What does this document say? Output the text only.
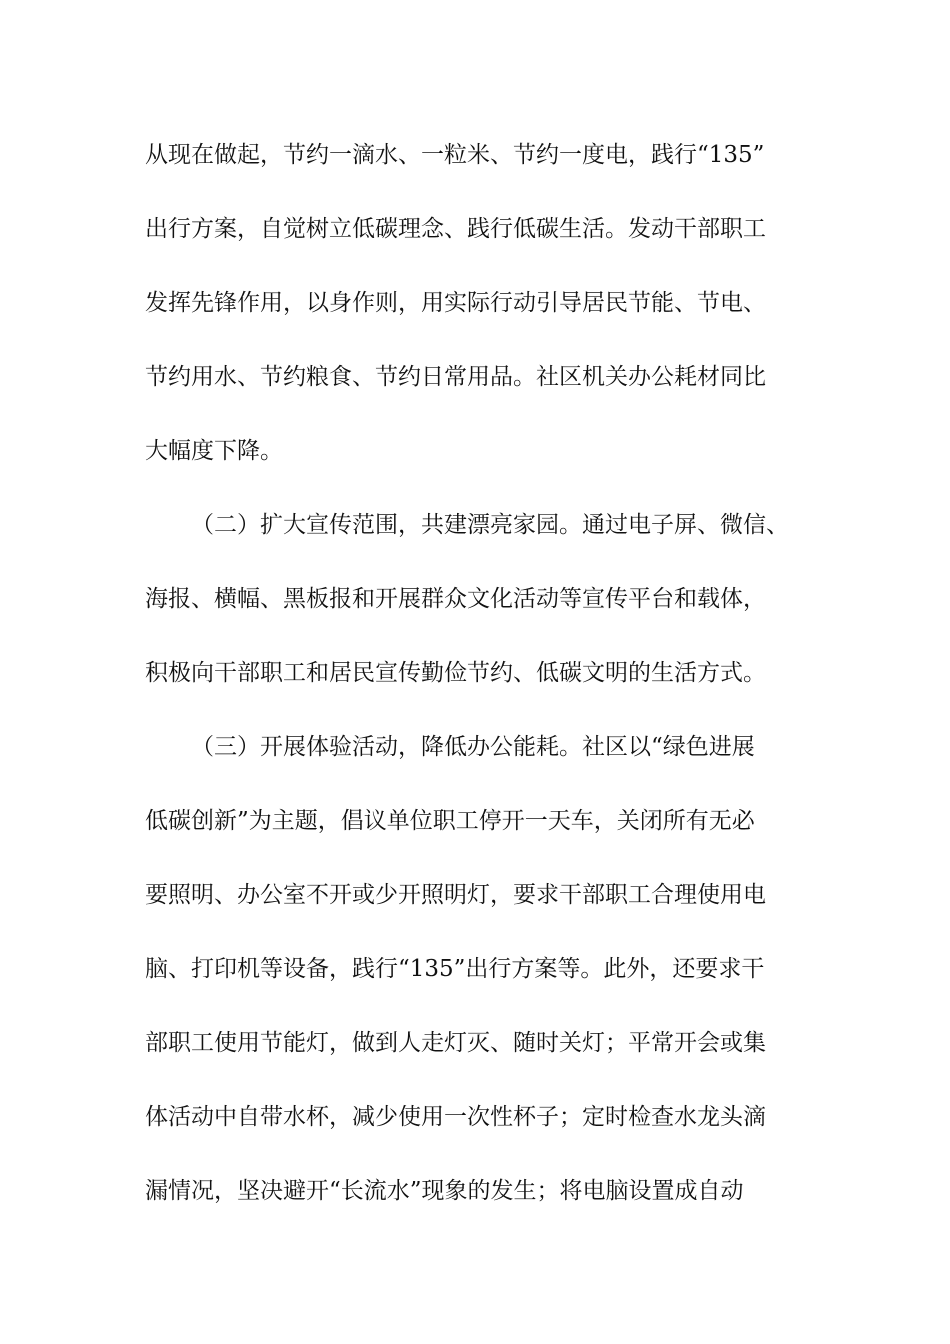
从现在做起，节约一滴水、一粒米、节约一度电，践行“135”
出行方案，自觉树立低碳理念、践行低碳生活。发动干部职工
发挥先锋作用，以身作则，用实际行动引导居民节能、节电、
节约用水、节约粮食、节约日常用品。社区机关办公耗材同比
大幅度下降。
（二）扩大宣传范围，共建漂亮家园。通过电子屏、微信、
海报、横幅、黑板报和开展群众文化活动等宣传平台和载体，
积极向干部职工和居民宣传勤俭节约、低碳文明的生活方式。
（三）开展体验活动，降低办公能耗。社区以“绿色进展
低碳创新”为主题，倡议单位职工停开一天车，关闭所有无必
要照明、办公室不开或少开照明灯，要求干部职工合理使用电
脑、打印机等设备，践行“135”出行方案等。此外，还要求干
部职工使用节能灯，做到人走灯灭、随时关灯；平常开会或集
体活动中自带水杯，减少使用一次性杯子；定时检查水龙头滴
漏情况，坚决避开“长流水”现象的发生；将电脑设置成自动
